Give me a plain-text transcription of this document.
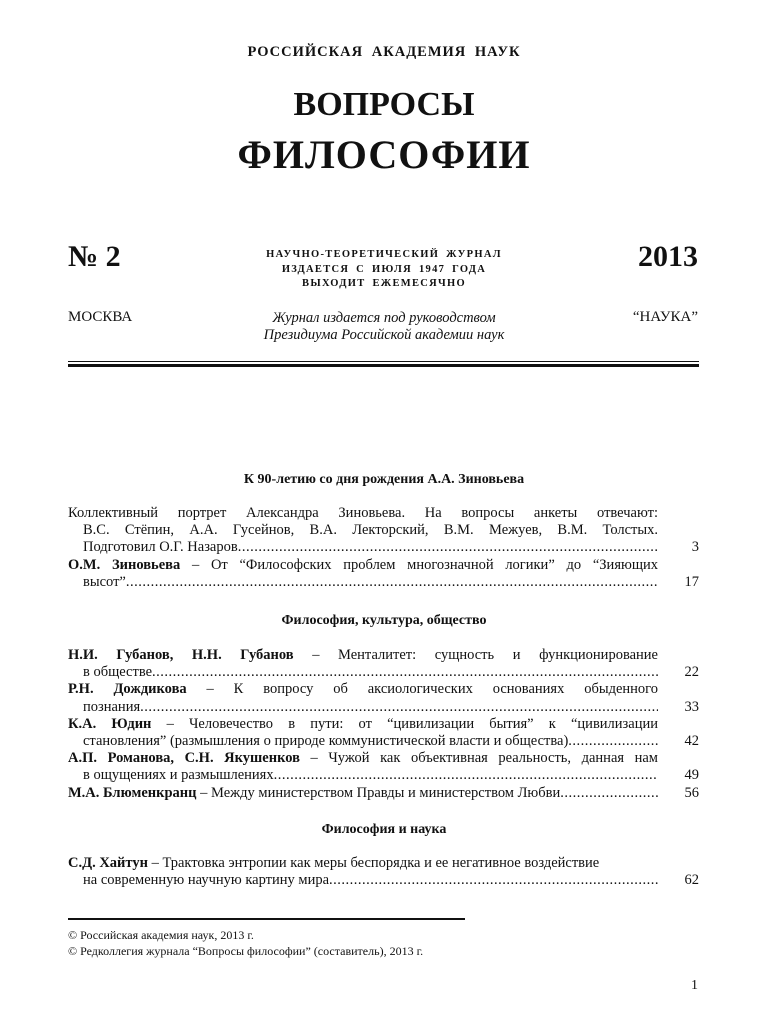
РОССИЙСКАЯ АКАДЕМИЯ НАУК
ВОПРОСЫ
ФИЛОСОФИИ
№ 2	НАУЧНО-ТЕОРЕТИЧЕСКИЙ ЖУРНАЛ
ИЗДАЕТСЯ С ИЮЛЯ 1947 ГОДА
ВЫХОДИТ ЕЖЕМЕСЯЧНО
2013
МОСКВА	Журнал издается под руководством
Президиума Российской академии наук
“НАУКА”
К 90-летию со дня рождения А.А. Зиновьева
Коллективный портрет Александра Зиновьева. На вопросы анкеты отвечают:
В.С. Стёпин, А.А. Гусейнов, В.А. Лекторский, В.М. Межуев, В.М. Толстых.
Подготовил О.Г. Назаров .....	3
О.М. Зиновьева – От “Философских проблем многозначной логики” до “Зияющих
высот” .....	17
Философия, культура, общество
Н.И. Губанов, Н.Н. Губанов – Менталитет: сущность и функционирование
в обществе .....	22
Р.Н. Дождикова – К вопросу об аксиологических основаниях обыденного
познания .....	33
К.А. Юдин – Человечество в пути: от “цивилизации бытия” к “цивилизации
становления” (размышления о природе коммунистической власти и общества) .....	42
А.П. Романова, С.Н. Якушенков – Чужой как объективная реальность, данная нам
в ощущениях и размышлениях .....	49
М.А. Блюменкранц – Между министерством Правды и министерством Любви .....	56
Философия и наука
С.Д. Хайтун – Трактовка энтропии как меры беспорядка и ее негативное воздействие
на современную научную картину мира .....	62
© Российская академия наук, 2013 г.
© Редколлегия журнала “Вопросы философии” (составитель), 2013 г.
1
